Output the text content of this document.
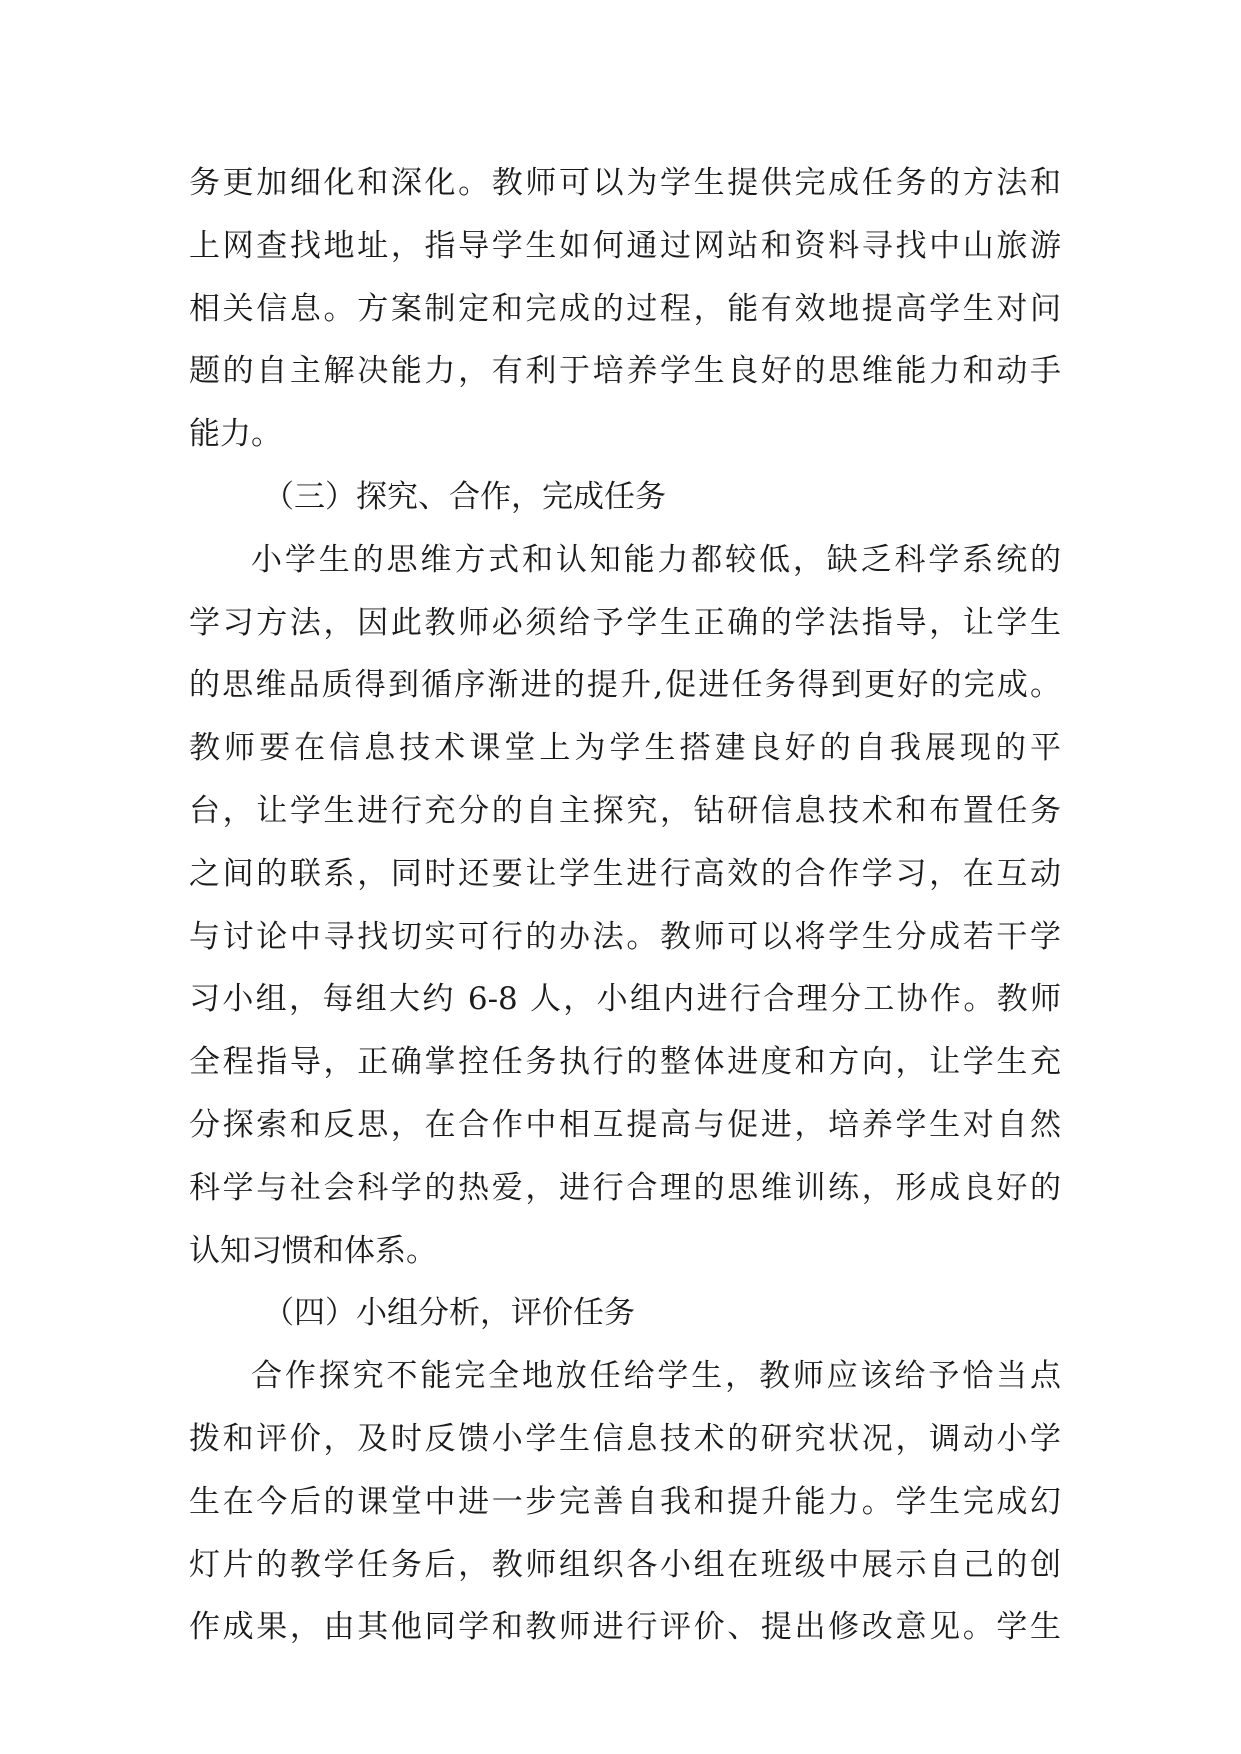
务更加细化和深化。教师可以为学生提供完成任务的方法和
上网查找地址，指导学生如何通过网站和资料寻找中山旅游
相关信息。方案制定和完成的过程，能有效地提高学生对问
题的自主解决能力，有利于培养学生良好的思维能力和动手
能力。
（三）探究、合作，完成任务
小学生的思维方式和认知能力都较低，缺乏科学系统的
学习方法，因此教师必须给予学生正确的学法指导，让学生
的思维品质得到循序渐进的提升,促进任务得到更好的完成。
教师要在信息技术课堂上为学生搭建良好的自我展现的平
台，让学生进行充分的自主探究，钻研信息技术和布置任务
之间的联系，同时还要让学生进行高效的合作学习，在互动
与讨论中寻找切实可行的办法。教师可以将学生分成若干学
习小组，每组大约 6-8 人，小组内进行合理分工协作。教师
全程指导，正确掌控任务执行的整体进度和方向，让学生充
分探索和反思，在合作中相互提高与促进，培养学生对自然
科学与社会科学的热爱，进行合理的思维训练，形成良好的
认知习惯和体系。
（四）小组分析，评价任务
合作探究不能完全地放任给学生，教师应该给予恰当点
拨和评价，及时反馈小学生信息技术的研究状况，调动小学
生在今后的课堂中进一步完善自我和提升能力。学生完成幻
灯片的教学任务后，教师组织各小组在班级中展示自己的创
作成果，由其他同学和教师进行评价、提出修改意见。学生
